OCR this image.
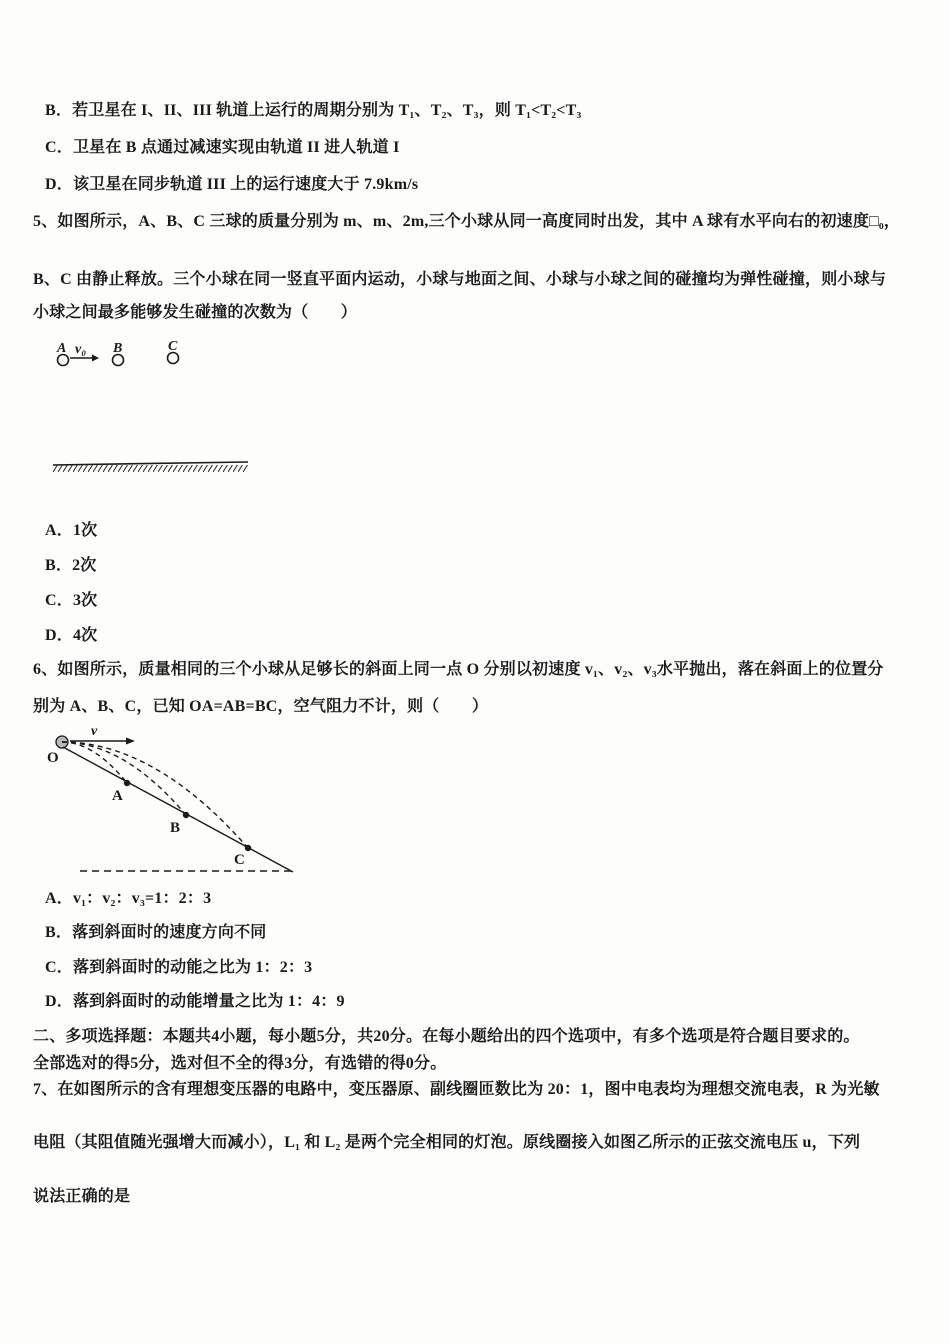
B．若卫星在 I、II、III 轨道上运行的周期分别为 T₁、T₂、T₃，则 T₁<T₂<T₃
C．卫星在 B 点通过减速实现由轨道 II 进人轨道 I
D．该卫星在同步轨道 III 上的运行速度大于 7.9km/s
5、如图所示，A、B、C 三球的质量分别为 m、m、2m,三个小球从同一高度同时出发，其中 A 球有水平向右的初速度□₀，
B、C 由静止释放。三个小球在同一竖直平面内运动，小球与地面之间、小球与小球之间的碰撞均为弹性碰撞，则小球与
小球之间最多能够发生碰撞的次数为（　　）
A v₀ B	C
A．1次
B．2次
C．3次
D．4次
6、如图所示，质量相同的三个小球从足够长的斜面上同一点 O 分别以初速度 v₁、v₂、v₃水平抛出，落在斜面上的位置分
别为 A、B、C，已知 OA=AB=BC，空气阻力不计，则（　　）
v
O
A
B
C
A．v₁：v₂：v₃=1：2：3
B．落到斜面时的速度方向不同
C．落到斜面时的动能之比为 1：2：3
D．落到斜面时的动能增量之比为 1：4：9
二、多项选择题：本题共4小题，每小题5分，共20分。在每小题给出的四个选项中，有多个选项是符合题目要求的。
全部选对的得5分，选对但不全的得3分，有选错的得0分。
7、在如图所示的含有理想变压器的电路中，变压器原、副线圈匝数比为 20：1，图中电表均为理想交流电表，R 为光敏
电阻（其阻值随光强增大而减小），L₁ 和 L₂ 是两个完全相同的灯泡。原线圈接入如图乙所示的正弦交流电压 u，下列
说法正确的是
